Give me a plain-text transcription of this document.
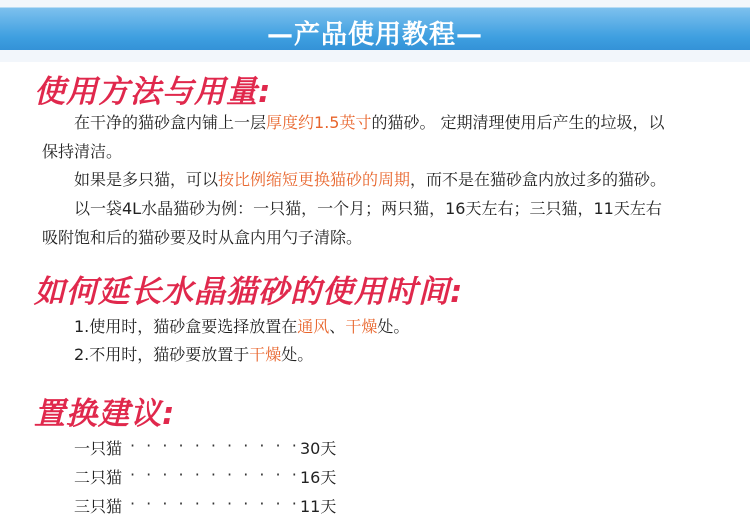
—产品使用教程—
使用方法与用量:
在干净的猫砂盒内铺上一层厚度约1.5英寸的猫砂。 定期清理使用后产生的垃圾，以
保持清洁。
如果是多只猫，可以按比例缩短更换猫砂的周期，而不是在猫砂盒内放过多的猫砂。
以一袋4L水晶猫砂为例：一只猫，一个月；两只猫，16天左右；三只猫，11天左右
吸附饱和后的猫砂要及时从盒内用勺子清除。
如何延长水晶猫砂的使用时间:
1.使用时，猫砂盒要选择放置在通风、干燥处。
2.不用时，猫砂要放置于干燥处。
置换建议:
一只猫 · · · · · · · · · · · 30天
二只猫 · · · · · · · · · · · 16天
三只猫 · · · · · · · · · · · 11天
